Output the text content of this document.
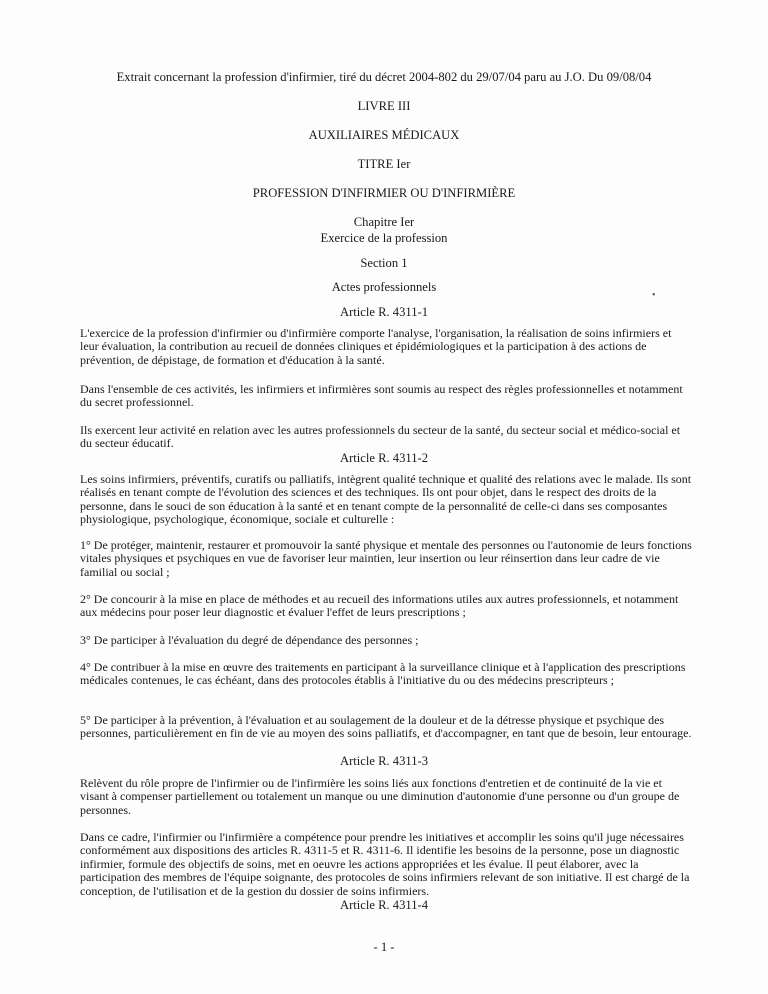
Extrait concernant la profession d'infirmier, tiré du décret 2004-802 du 29/07/04 paru au J.O. Du 09/08/04
LIVRE III
AUXILIAIRES MÉDICAUX
TITRE Ier
PROFESSION D'INFIRMIER OU D'INFIRMIÈRE
Chapitre Ier
Exercice de la profession
Section 1
Actes professionnels
•
Article R. 4311-1

L'exercice de la profession d'infirmier ou d'infirmière comporte l'analyse, l'organisation, la réalisation de soins infirmiers et leur évaluation, la contribution au recueil de données cliniques et épidémiologiques et la participation à des actions de prévention, de dépistage, de formation et d'éducation à la santé.

Dans l'ensemble de ces activités, les infirmiers et infirmières sont soumis au respect des règles professionnelles et notamment du secret professionnel.

Ils exercent leur activité en relation avec les autres professionnels du secteur de la santé, du secteur social et médico-social et du secteur éducatif.

Article R. 4311-2

Les soins infirmiers, préventifs, curatifs ou palliatifs, intègrent qualité technique et qualité des relations avec le malade. Ils sont réalisés en tenant compte de l'évolution des sciences et des techniques. Ils ont pour objet, dans le respect des droits de la personne, dans le souci de son éducation à la santé et en tenant compte de la personnalité de celle-ci dans ses composantes physiologique, psychologique, économique, sociale et culturelle :

1° De protéger, maintenir, restaurer et promouvoir la santé physique et mentale des personnes ou l'autonomie de leurs fonctions vitales physiques et psychiques en vue de favoriser leur maintien, leur insertion ou leur réinsertion dans leur cadre de vie familial ou social ;

2° De concourir à la mise en place de méthodes et au recueil des informations utiles aux autres professionnels, et notamment aux médecins pour poser leur diagnostic et évaluer l'effet de leurs prescriptions ;

3° De participer à l'évaluation du degré de dépendance des personnes ;

4° De contribuer à la mise en œuvre des traitements en participant à la surveillance clinique et à l'application des prescriptions médicales contenues, le cas échéant, dans des protocoles établis à l'initiative du ou des médecins prescripteurs ;

5° De participer à la prévention, à l'évaluation et au soulagement de la douleur et de la détresse physique et psychique des personnes, particulièrement en fin de vie au moyen des soins palliatifs, et d'accompagner, en tant que de besoin, leur entourage.

Article R. 4311-3

Relèvent du rôle propre de l'infirmier ou de l'infirmière les soins liés aux fonctions d'entretien et de continuité de la vie et visant à compenser partiellement ou totalement un manque ou une diminution d'autonomie d'une personne ou d'un groupe de personnes.

Dans ce cadre, l'infirmier ou l'infirmière a compétence pour prendre les initiatives et accomplir les soins qu'il juge nécessaires conformément aux dispositions des articles R. 4311-5 et R. 4311-6. Il identifie les besoins de la personne, pose un diagnostic infirmier, formule des objectifs de soins, met en oeuvre les actions appropriées et les évalue. Il peut élaborer, avec la participation des membres de l'équipe soignante, des protocoles de soins infirmiers relevant de son initiative. Il est chargé de la conception, de l'utilisation et de la gestion du dossier de soins infirmiers.

Article R. 4311-4
- 1 -
